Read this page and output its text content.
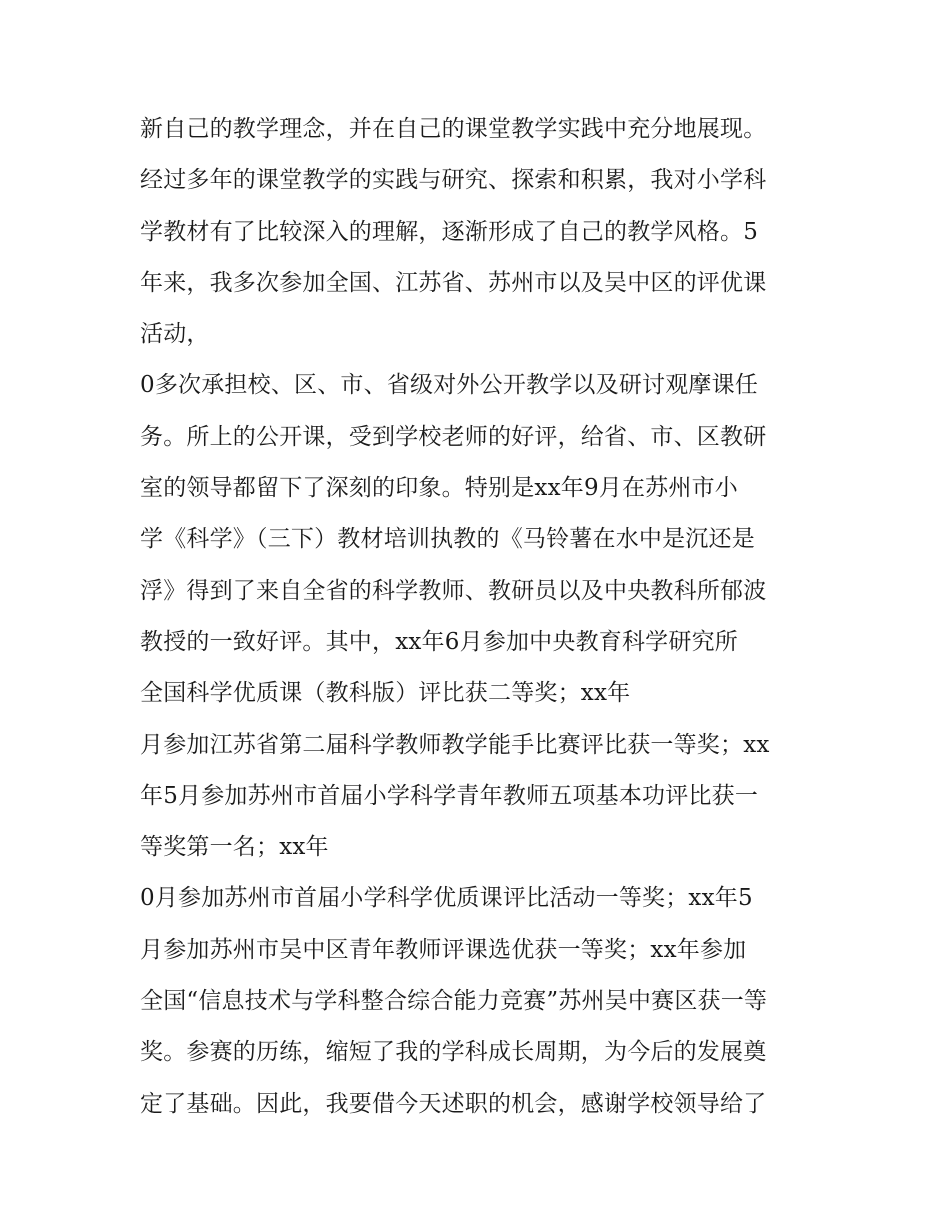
新自己的教学理念，并在自己的课堂教学实践中充分地展现。
经过多年的课堂教学的实践与研究、探索和积累，我对小学科
学教材有了比较深入的理解，逐渐形成了自己的教学风格。5
年来，我多次参加全国、江苏省、苏州市以及吴中区的评优课
活动，
0多次承担校、区、市、省级对外公开教学以及研讨观摩课任
务。所上的公开课，受到学校老师的好评，给省、市、区教研
室的领导都留下了深刻的印象。特别是xx年9月在苏州市小
学《科学》（三下）教材培训执教的《马铃薯在水中是沉还是
浮》得到了来自全省的科学教师、教研员以及中央教科所郁波
教授的一致好评。其中，xx年6月参加中央教育科学研究所
全国科学优质课（教科版）评比获二等奖；xx年
月参加江苏省第二届科学教师教学能手比赛评比获一等奖；xx
年5月参加苏州市首届小学科学青年教师五项基本功评比获一
等奖第一名；xx年
0月参加苏州市首届小学科学优质课评比活动一等奖；xx年5
月参加苏州市吴中区青年教师评课选优获一等奖；xx年参加
全国“信息技术与学科整合综合能力竞赛”苏州吴中赛区获一等
奖。参赛的历练，缩短了我的学科成长周期，为今后的发展奠
定了基础。因此，我要借今天述职的机会，感谢学校领导给了
